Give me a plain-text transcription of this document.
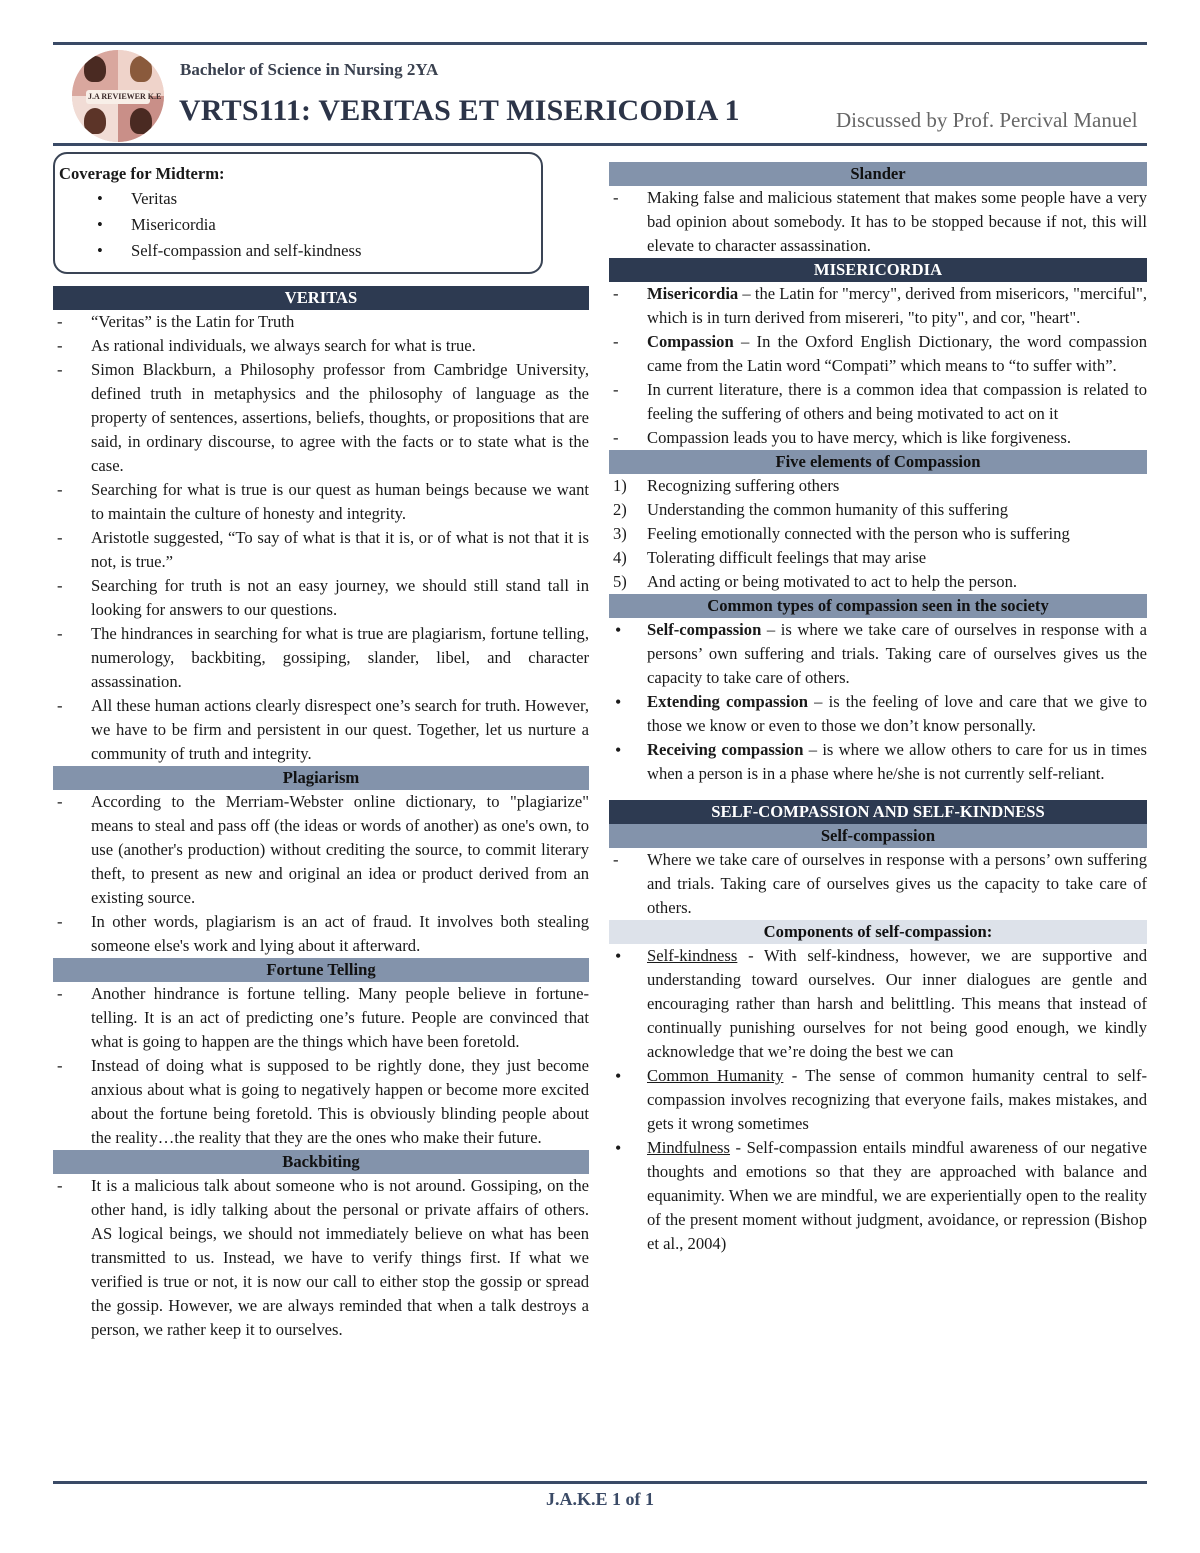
J.A REVIEWER K.E
Bachelor of Science in Nursing 2YA
VRTS111: VERITAS ET MISERICODIA 1	Discussed by Prof. Percival Manuel
Coverage for Midterm:
• Veritas
• Misericordia
• Self-compassion and self-kindness
VERITAS
- “Veritas” is the Latin for Truth
- As rational individuals, we always search for what is true.
- Simon Blackburn, a Philosophy professor from Cambridge University, defined truth in metaphysics and the philosophy of language as the property of sentences, assertions, beliefs, thoughts, or propositions that are said, in ordinary discourse, to agree with the facts or to state what is the case.
- Searching for what is true is our quest as human beings because we want to maintain the culture of honesty and integrity.
- Aristotle suggested, “To say of what is that it is, or of what is not that it is not, is true.”
- Searching for truth is not an easy journey, we should still stand tall in looking for answers to our questions.
- The hindrances in searching for what is true are plagiarism, fortune telling, numerology, backbiting, gossiping, slander, libel, and character assassination.
- All these human actions clearly disrespect one’s search for truth. However, we have to be firm and persistent in our quest. Together, let us nurture a community of truth and integrity.
Plagiarism
- According to the Merriam-Webster online dictionary, to "plagiarize" means to steal and pass off (the ideas or words of another) as one's own, to use (another's production) without crediting the source, to commit literary theft, to present as new and original an idea or product derived from an existing source.
- In other words, plagiarism is an act of fraud. It involves both stealing someone else's work and lying about it afterward.
Fortune Telling
- Another hindrance is fortune telling. Many people believe in fortune-telling. It is an act of predicting one’s future. People are convinced that what is going to happen are the things which have been foretold.
- Instead of doing what is supposed to be rightly done, they just become anxious about what is going to negatively happen or become more excited about the fortune being foretold. This is obviously blinding people about the reality…the reality that they are the ones who make their future.
Backbiting
- It is a malicious talk about someone who is not around. Gossiping, on the other hand, is idly talking about the personal or private affairs of others. AS logical beings, we should not immediately believe on what has been transmitted to us. Instead, we have to verify things first. If what we verified is true or not, it is now our call to either stop the gossip or spread the gossip. However, we are always reminded that when a talk destroys a person, we rather keep it to ourselves.
Slander
- Making false and malicious statement that makes some people have a very bad opinion about somebody. It has to be stopped because if not, this will elevate to character assassination.
MISERICORDIA
- Misericordia – the Latin for "mercy", derived from misericors, "merciful", which is in turn derived from misereri, "to pity", and cor, "heart".
- Compassion – In the Oxford English Dictionary, the word compassion came from the Latin word “Compati” which means to “to suffer with”.
- In current literature, there is a common idea that compassion is related to feeling the suffering of others and being motivated to act on it
- Compassion leads you to have mercy, which is like forgiveness.
Five elements of Compassion
1) Recognizing suffering others
2) Understanding the common humanity of this suffering
3) Feeling emotionally connected with the person who is suffering
4) Tolerating difficult feelings that may arise
5) And acting or being motivated to act to help the person.
Common types of compassion seen in the society
• Self-compassion – is where we take care of ourselves in response with a persons’ own suffering and trials. Taking care of ourselves gives us the capacity to take care of others.
• Extending compassion – is the feeling of love and care that we give to those we know or even to those we don’t know personally.
• Receiving compassion – is where we allow others to care for us in times when a person is in a phase where he/she is not currently self-reliant.
SELF-COMPASSION AND SELF-KINDNESS
Self-compassion
- Where we take care of ourselves in response with a persons’ own suffering and trials. Taking care of ourselves gives us the capacity to take care of others.
Components of self-compassion:
• Self-kindness - With self-kindness, however, we are supportive and understanding toward ourselves. Our inner dialogues are gentle and encouraging rather than harsh and belittling. This means that instead of continually punishing ourselves for not being good enough, we kindly acknowledge that we’re doing the best we can
• Common Humanity - The sense of common humanity central to self-compassion involves recognizing that everyone fails, makes mistakes, and gets it wrong sometimes
• Mindfulness - Self-compassion entails mindful awareness of our negative thoughts and emotions so that they are approached with balance and equanimity. When we are mindful, we are experientially open to the reality of the present moment without judgment, avoidance, or repression (Bishop et al., 2004)
J.A.K.E 1 of 1
